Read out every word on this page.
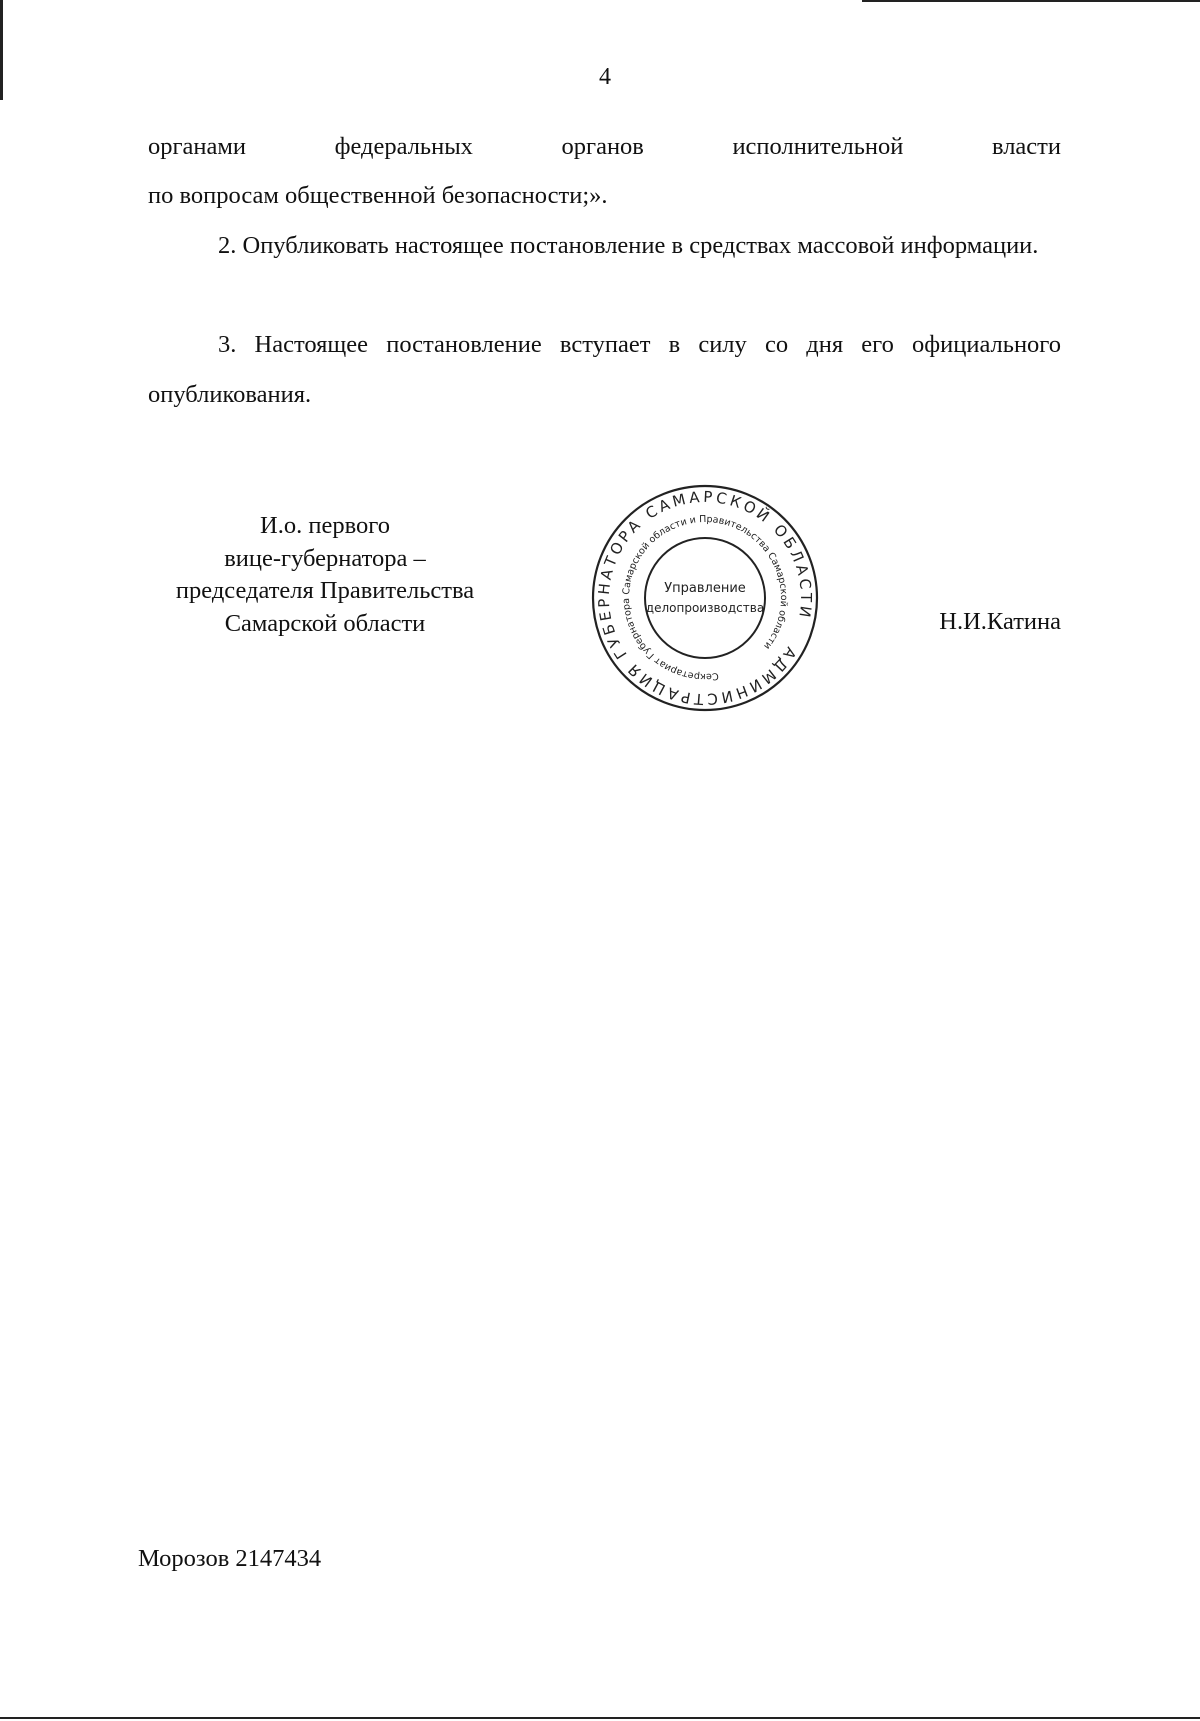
4
органами федеральных органов исполнительной власти
по вопросам общественной безопасности;».
2. Опубликовать настоящее постановление в средствах массовой информации.
3. Настоящее постановление вступает в силу со дня его официального опубликования.
И.о. первого
вице-губернатора –
председателя Правительства
Самарской области
АДМИНИСТРАЦИЯ ГУБЕРНАТОРА САМАРСКОЙ ОБЛАСТИ
Секретариат Губернатора Самарской области и Правительства Самарской области
Управление
делопроизводства	Н.И.Катина
Морозов 2147434
